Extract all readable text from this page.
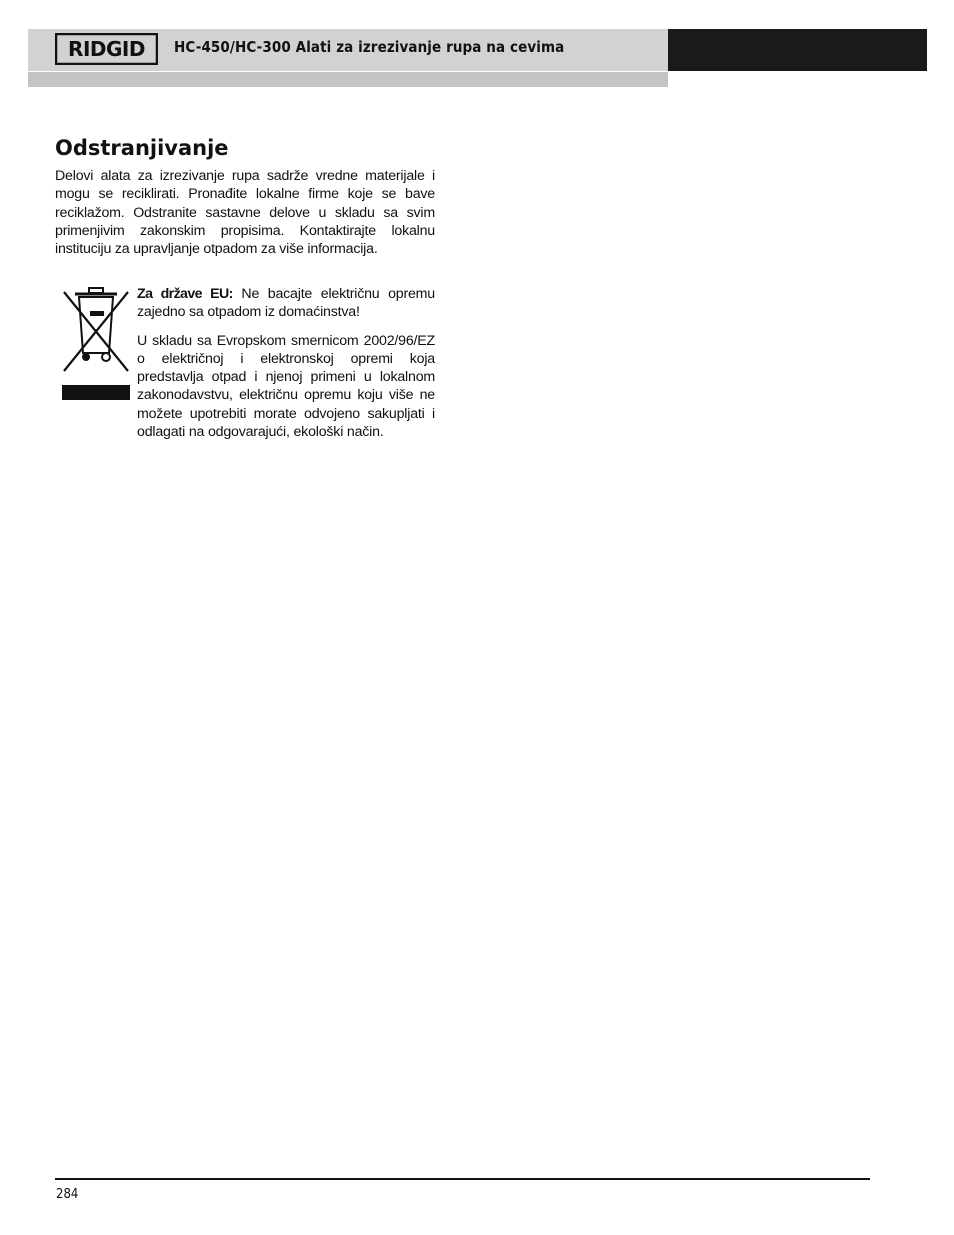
RIDGID HC-450/HC-300 Alati za izrezivanje rupa na cevima
Odstranjivanje

Delovi alata za izrezivanje rupa sadrže vredne materijale i mogu se reciklirati. Pronađite lokalne firme koje se bave reciklažom. Odstranite sastavne delove u skladu sa svim primenjivim zakonskim propisima. Kontaktirajte lokalnu instituciju za upravljanje otpadom za više informacija.

Za države EU: Ne bacajte električnu opremu zajedno sa otpadom iz domaćinstva!

U skladu sa Evropskom smernicom 2002/96/EZ o električnoj i elektronskoj opremi koja predstavlja otpad i njenoj primeni u lokalnom zakonodavstvu, električnu opremu koju više ne možete upotrebiti morate odvojeno sakupljati i odlagati na odgovarajući, ekološki način.

284
